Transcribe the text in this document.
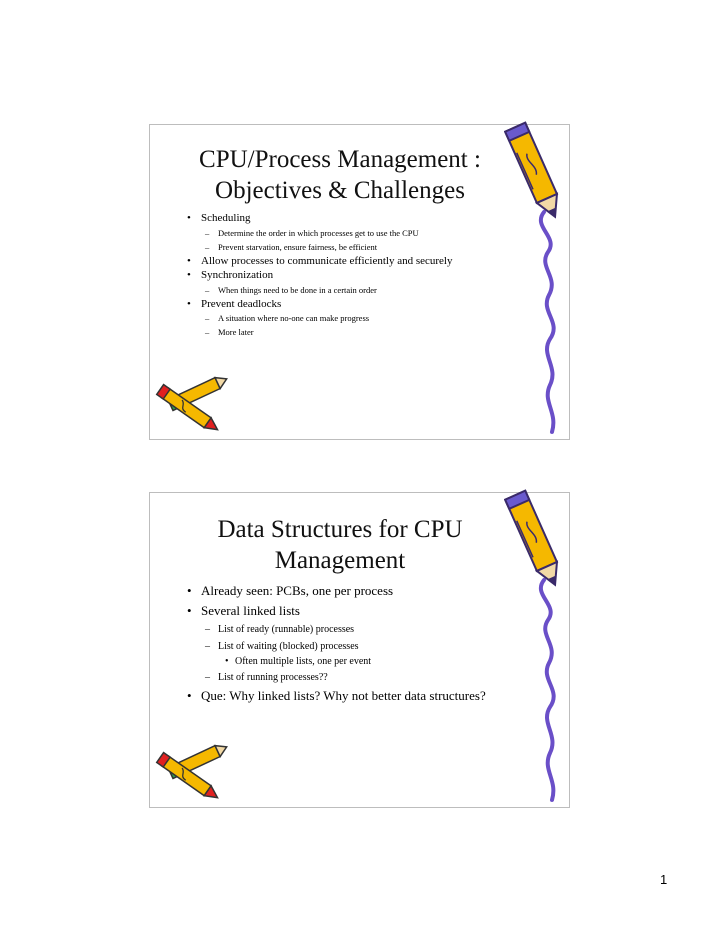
CPU/Process Management :
Objectives & Challenges
• Scheduling
– Determine the order in which processes get to use the CPU
– Prevent starvation, ensure fairness, be efficient
• Allow processes to communicate efficiently and securely
• Synchronization
– When things need to be done in a certain order
• Prevent deadlocks
– A situation where no-one can make progress
– More later
Data Structures for CPU
Management
• Already seen: PCBs, one per process
• Several linked lists
– List of ready (runnable) processes
– List of waiting (blocked) processes
• Often multiple lists, one per event
– List of running processes??
• Que: Why linked lists? Why not better data structures?
1
